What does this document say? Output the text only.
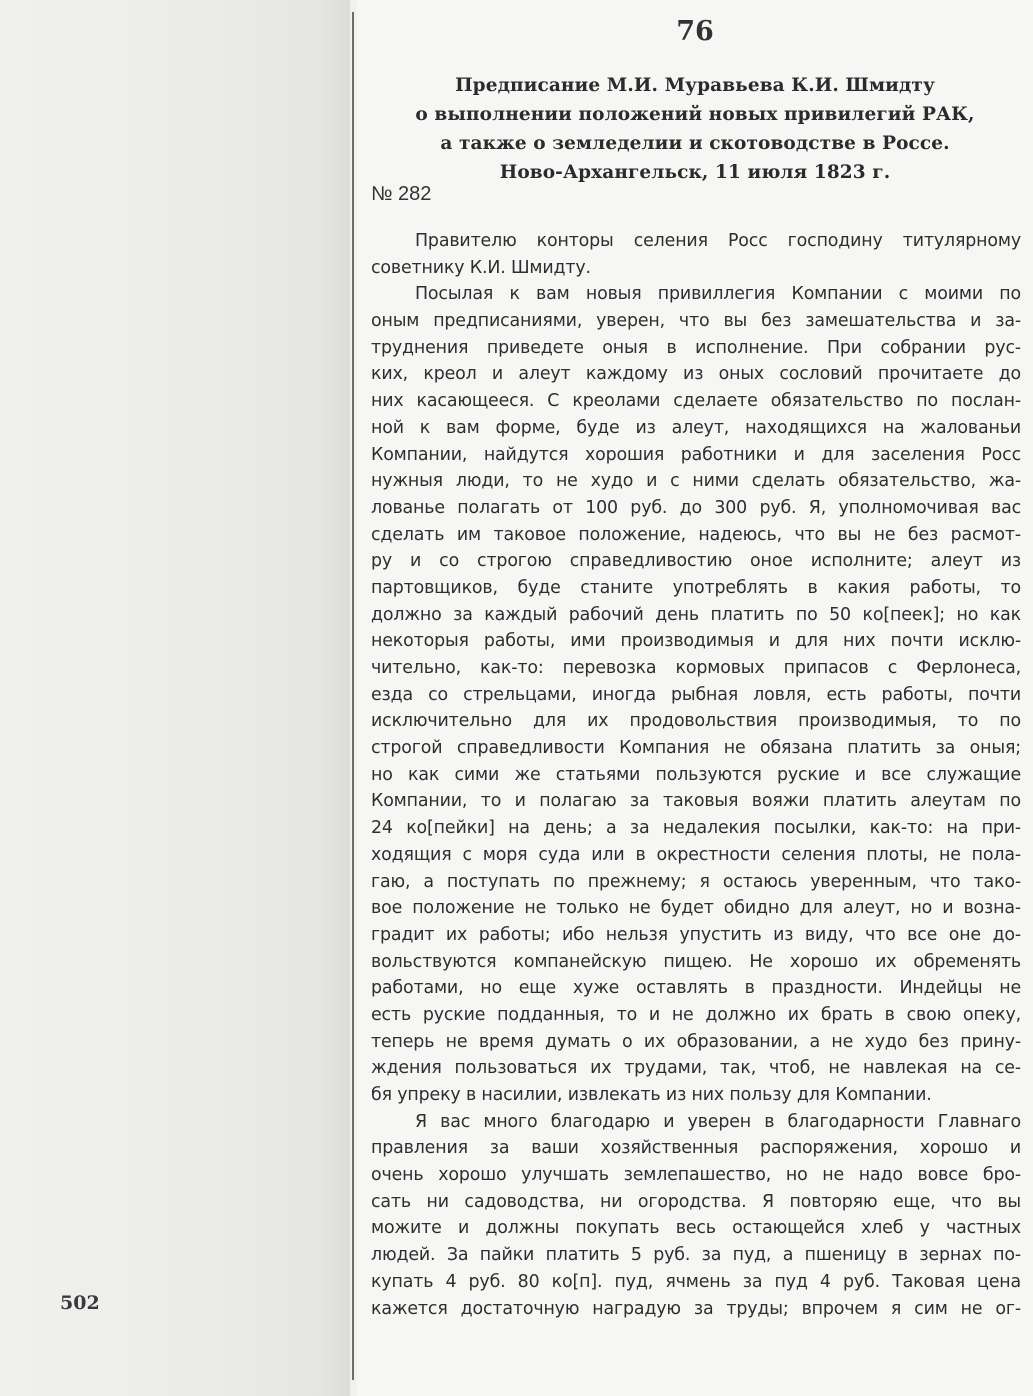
76
Предписание М.И. Муравьева К.И. Шмидту
о выполнении положений новых привилегий РАК,
а также о земледелии и скотоводстве в Россе.
Ново-Архангельск, 11 июля 1823 г.
№ 282
Правителю конторы селения Росс господину титулярному
советнику К.И. Шмидту.
Посылая к вам новыя привиллегия Компании с моими по
оным предписаниями, уверен, что вы без замешательства и за-
труднения приведете оныя в исполнение. При собрании рус-
ких, креол и алеут каждому из оных сословий прочитаете до
них касающееся. С креолами сделаете обязательство по послан-
ной к вам форме, буде из алеут, находящихся на жалованьи
Компании, найдутся хорошия работники и для заселения Росс
нужныя люди, то не худо и с ними сделать обязательство, жа-
лованье полагать от 100 руб. до 300 руб. Я, уполномочивая вас
сделать им таковое положение, надеюсь, что вы не без расмот-
ру и со строгою справедливостию оное исполните; алеут из
партовщиков, буде станите употреблять в какия работы, то
должно за каждый рабочий день платить по 50 ко[пеек]; но как
некоторыя работы, ими производимыя и для них почти исклю-
чительно, как-то: перевозка кормовых припасов с Ферлонеса,
езда со стрельцами, иногда рыбная ловля, есть работы, почти
исключительно для их продовольствия производимыя, то по
строгой справедливости Компания не обязана платить за оныя;
но как сими же статьями пользуются руские и все служащие
Компании, то и полагаю за таковыя вояжи платить алеутам по
24 ко[пейки] на день; а за недалекия посылки, как-то: на при-
ходящия с моря суда или в окрестности селения плоты, не пола-
гаю, а поступать по прежнему; я остаюсь уверенным, что тако-
вое положение не только не будет обидно для алеут, но и возна-
градит их работы; ибо нельзя упустить из виду, что все оне до-
вольствуются компанейскую пищею. Не хорошо их обременять
работами, но еще хуже оставлять в праздности. Индейцы не
есть руские подданныя, то и не должно их брать в свою опеку,
теперь не время думать о их образовании, а не худо без прину-
ждения пользоваться их трудами, так, чтоб, не навлекая на се-
бя упреку в насилии, извлекать из них пользу для Компании.
Я вас много благодарю и уверен в благодарности Главнаго
правления за ваши хозяйственныя распоряжения, хорошо и
очень хорошо улучшать землепашество, но не надо вовсе бро-
сать ни садоводства, ни огородства. Я повторяю еще, что вы
можите и должны покупать весь остающейся хлеб у частных
людей. За пайки платить 5 руб. за пуд, а пшеницу в зернах по-
купать 4 руб. 80 ко[п]. пуд, ячмень за пуд 4 руб. Таковая цена
кажется достаточную наградую за труды; впрочем я сим не ог-
502
